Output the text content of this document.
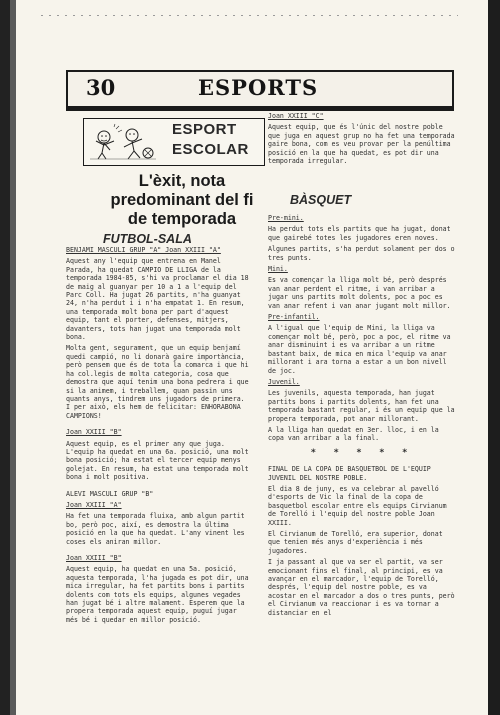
30	ESPORTS
ESPORT
ESCOLAR
L'èxit, nota
predominant del fi
de temporada
FUTBOL-SALA
BÀSQUET

BENJAMI MASCULI GRUP "A" Joan XXIII "A"

Aquest any l'equip que entrena en Manel Parada, ha quedat CAMPIO DE LLIGA de la temporada 1984-85, s'hi va proclamar el dia 18 de maig al guanyar per 10 a 1 a l'equip del Parc Coll. Ha jugat 26 partits, n'ha guanyat 24, n'ha perdut i i n'ha empatat 1. En resum, una temporada molt bona per part d'aquest equip, tant el porter, defenses, mitjers, davanters, tots han jugat una temporada molt bona.

Molta gent, segurament, que un equip benjamí quedi campió, no li donarà gaire importància, però pensem que és de tota la comarca i que hi ha col.legis de molta categoria, cosa que demostra que aquí tenim una bona pedrera i que si la animem, i treballem, quan passin uns quants anys, tindrem uns jugadors de primera. I per això, els hem de felicitar: ENHORABONA CAMPIONS!

Joan XXIII "B"

Aquest equip, es el primer any que juga. L'equip ha quedat en una 6a. posició, una molt bona posició; ha estat el tercer equip menys golejat. En resum, ha estat una temporada molt bona i molt positiva.

ALEVI MASCULI GRUP "B"

Joan XXIII "A"

Ha fet una temporada fluixa, amb algun partit bo, però poc, així, es demostra la última posició en la que ha quedat. L'any vinent les coses els aniran millor.

Joan XXIII "B"

Aquest equip, ha quedat en una 5a. posició, aquesta temporada, l'ha jugada es pot dir, una mica irregular, ha fet partits bons i partits dolents com tots els equips, algunes vegades han jugat bé i altre malament. Esperem que la propera temporada aquest equip, puguí jugar més bé i quedar en millor posició.

Joan XXIII "C"

Aquest equip, que és l'únic del nostre poble que juga en aquest grup no ha fet una temporada gaire bona, com es veu provar per la penúltima posició en la que ha quedat, es pot dir una temporada irregular.

Pre-mini.

Ha perdut tots els partits que ha jugat, donat que gairebé totes les jugadores eren noves.

Algunes partits, s'ha perdut solament per dos o tres punts.

Mini.

Es va començar la lliga molt bé, però després van anar perdent el ritme, i van arribar a jugar uns partits molt dolents, poc a poc es van anar refent i van anar jugant molt millor.

Pre-infantil.

A l'igual que l'equip de Mini, la lliga va començar molt bé, però, poc a poc, el ritme va anar disminuint i es va arribar a un ritme bastant baix, de mica en mica l'equip va anar millorant i ara torna a estar a un bon nivell de joc.

Juvenil.

Les juvenils, aquesta temporada, han jugat partits bons i partits dolents, han fet una temporada bastant regular, i és un equip que la propera temporada, pot anar millorant.

A la lliga han quedat en 3er. lloc, i en la copa van arribar a la final.

* * * * *

FINAL DE LA COPA DE BASQUETBOL DE L'EQUIP JUVENIL DEL NOSTRE POBLE.

El dia 8 de juny, es va celebrar al pavelló d'esports de Vic la final de la copa de basquetbol escolar entre els equips Cirvianum de Torelló i l'equip del nostre poble Joan XXIII.

El Cirvianum de Torelló, era superior, donat que tenien més anys d'experiència i més jugadores.

I ja passant al que va ser el partit, va ser emocionant fins el final, al principi, es va avançar en el marcador, l'equip de Torelló, després, l'equip del nostre poble, es va acostar en el marcador a dos o tres punts, però el Cirvianum va reaccionar i es va tornar a distanciar en el
